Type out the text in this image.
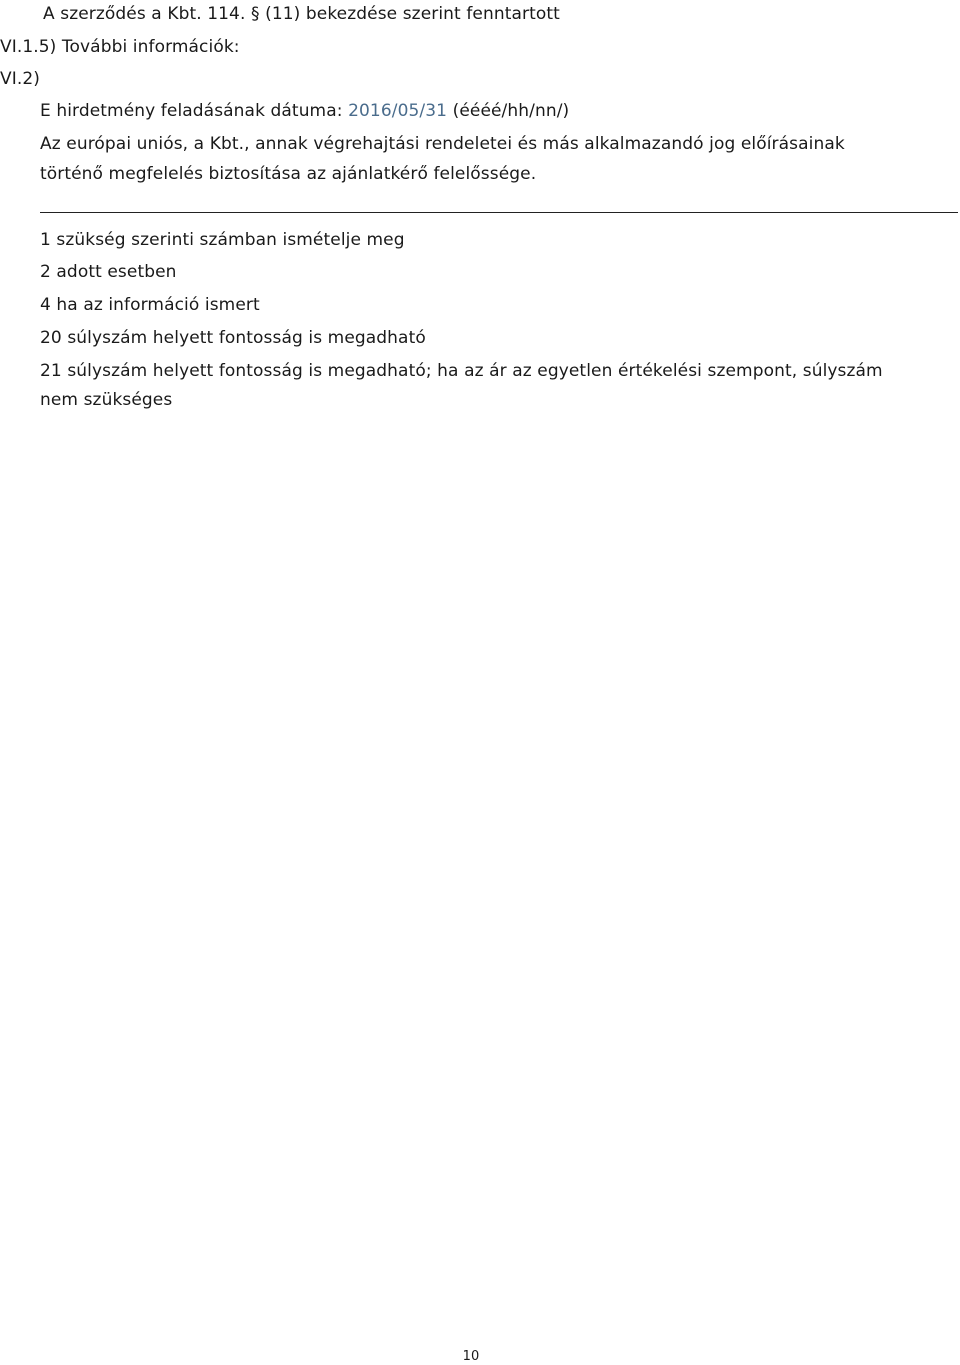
A szerződés a Kbt. 114. § (11) bekezdése szerint fenntartott
VI.1.5) További információk:
VI.2)
E hirdetmény feladásának dátuma: 2016/05/31 (éééé/hh/nn/)
Az európai uniós, a Kbt., annak végrehajtási rendeletei és más alkalmazandó jog előírásainak
történő megfelelés biztosítása az ajánlatkérő felelőssége.
1 szükség szerinti számban ismételje meg
2 adott esetben
4 ha az információ ismert
20 súlyszám helyett fontosság is megadható
21 súlyszám helyett fontosság is megadható; ha az ár az egyetlen értékelési szempont, súlyszám
nem szükséges
10
